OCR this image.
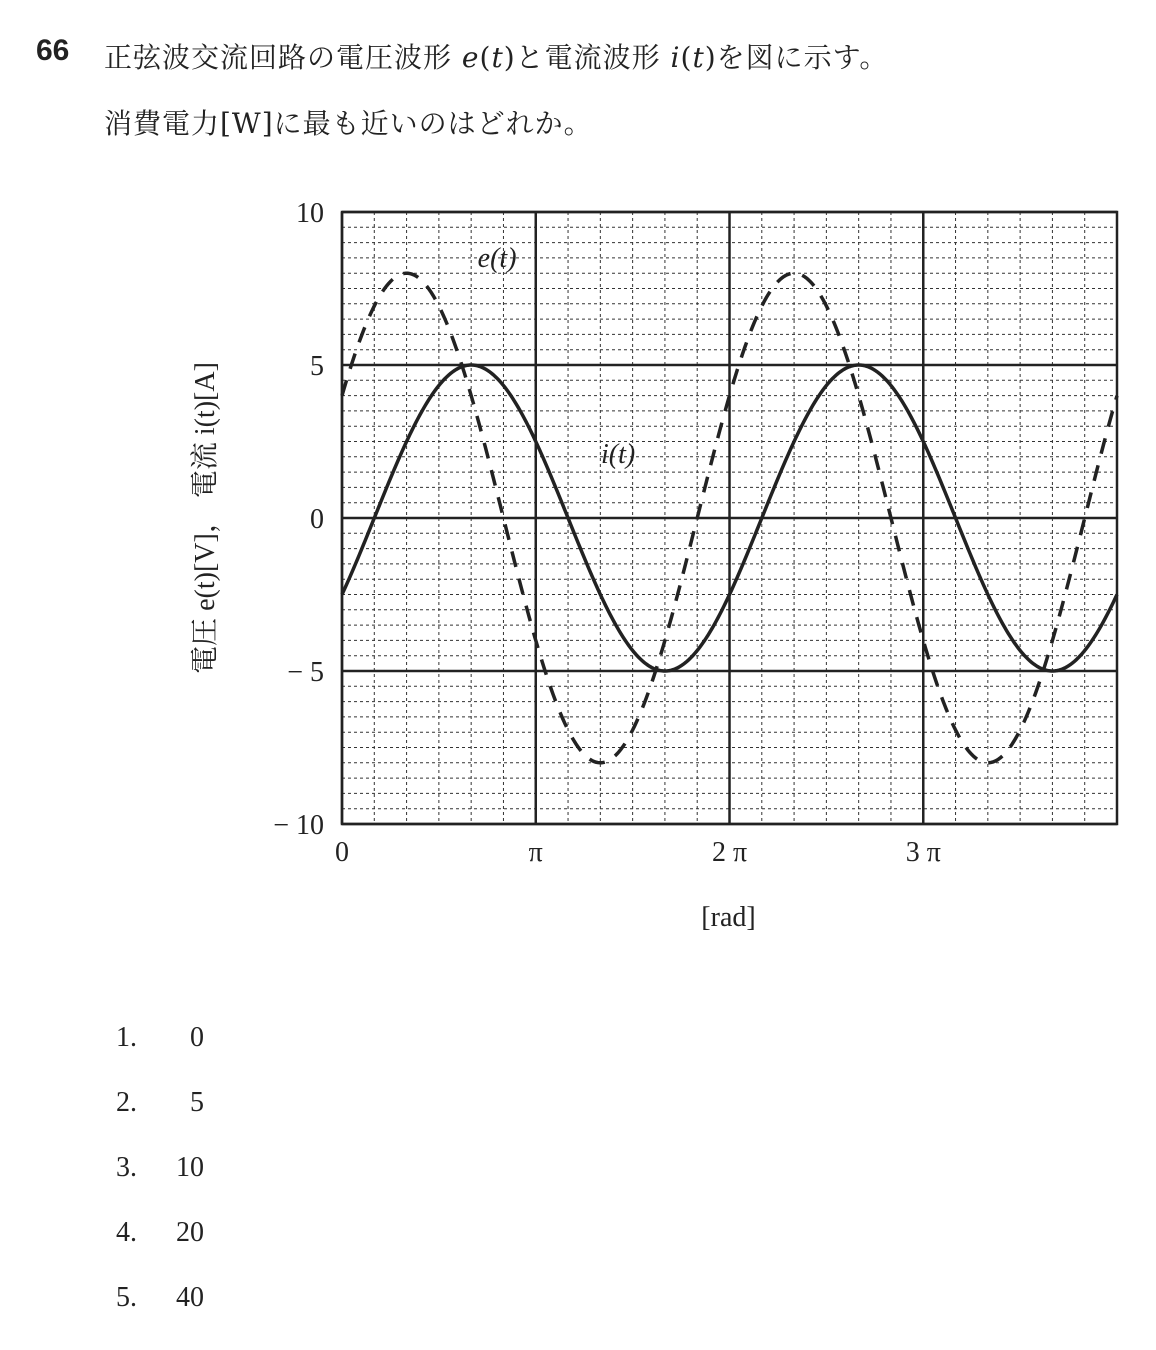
66 正弦波交流回路の電圧波形 e(t)と電流波形 i(t)を図に示す。
消費電力[W]に最も近いのはどれか。
e(t)
i(t)
10
5
0
− 5
− 10
0	π	2 π	3 π
[rad]
電圧 e(t)[V]， 電流 i(t)[A]
1.	0
2.	5
3.	10
4.	20
5.	40
